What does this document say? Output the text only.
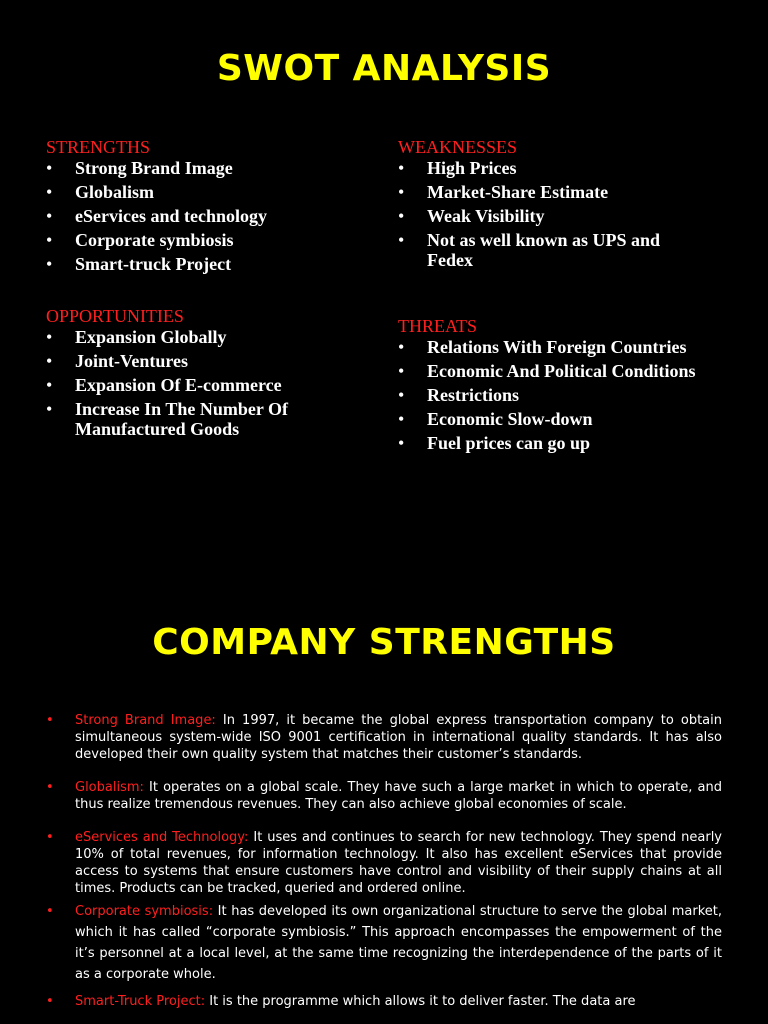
SWOT ANALYSIS
STRENGTHS
• Strong Brand Image
• Globalism
• eServices and technology
• Corporate symbiosis
• Smart-truck Project
WEAKNESSES
• High Prices
• Market-Share Estimate
• Weak Visibility
• Not as well known as UPS and Fedex
OPPORTUNITIES
• Expansion Globally
• Joint-Ventures
• Expansion Of E-commerce
• Increase In The Number Of Manufactured Goods
THREATS
• Relations With Foreign Countries
• Economic And Political Conditions
• Restrictions
• Economic Slow-down
• Fuel prices can go up
COMPANY STRENGTHS

• Strong Brand Image: In 1997, it became the global express transportation company to obtain simultaneous system-wide ISO 9001 certification in international quality standards. It has also developed their own quality system that matches their customer’s standards.

• Globalism: It operates on a global scale. They have such a large market in which to operate, and thus realize tremendous revenues. They can also achieve global economies of scale.

• eServices and Technology: It uses and continues to search for new technology. They spend nearly 10% of total revenues, for information technology. It also has excellent eServices that provide access to systems that ensure customers have control and visibility of their supply chains at all times. Products can be tracked, queried and ordered online.

• Corporate symbiosis: It has developed its own organizational structure to serve the global market, which it has called “corporate symbiosis.” This approach encompasses the empowerment of the it’s personnel at a local level, at the same time recognizing the interdependence of the parts of it as a corporate whole.

• Smart-Truck Project: It is the programme which allows it to deliver faster. The data are
